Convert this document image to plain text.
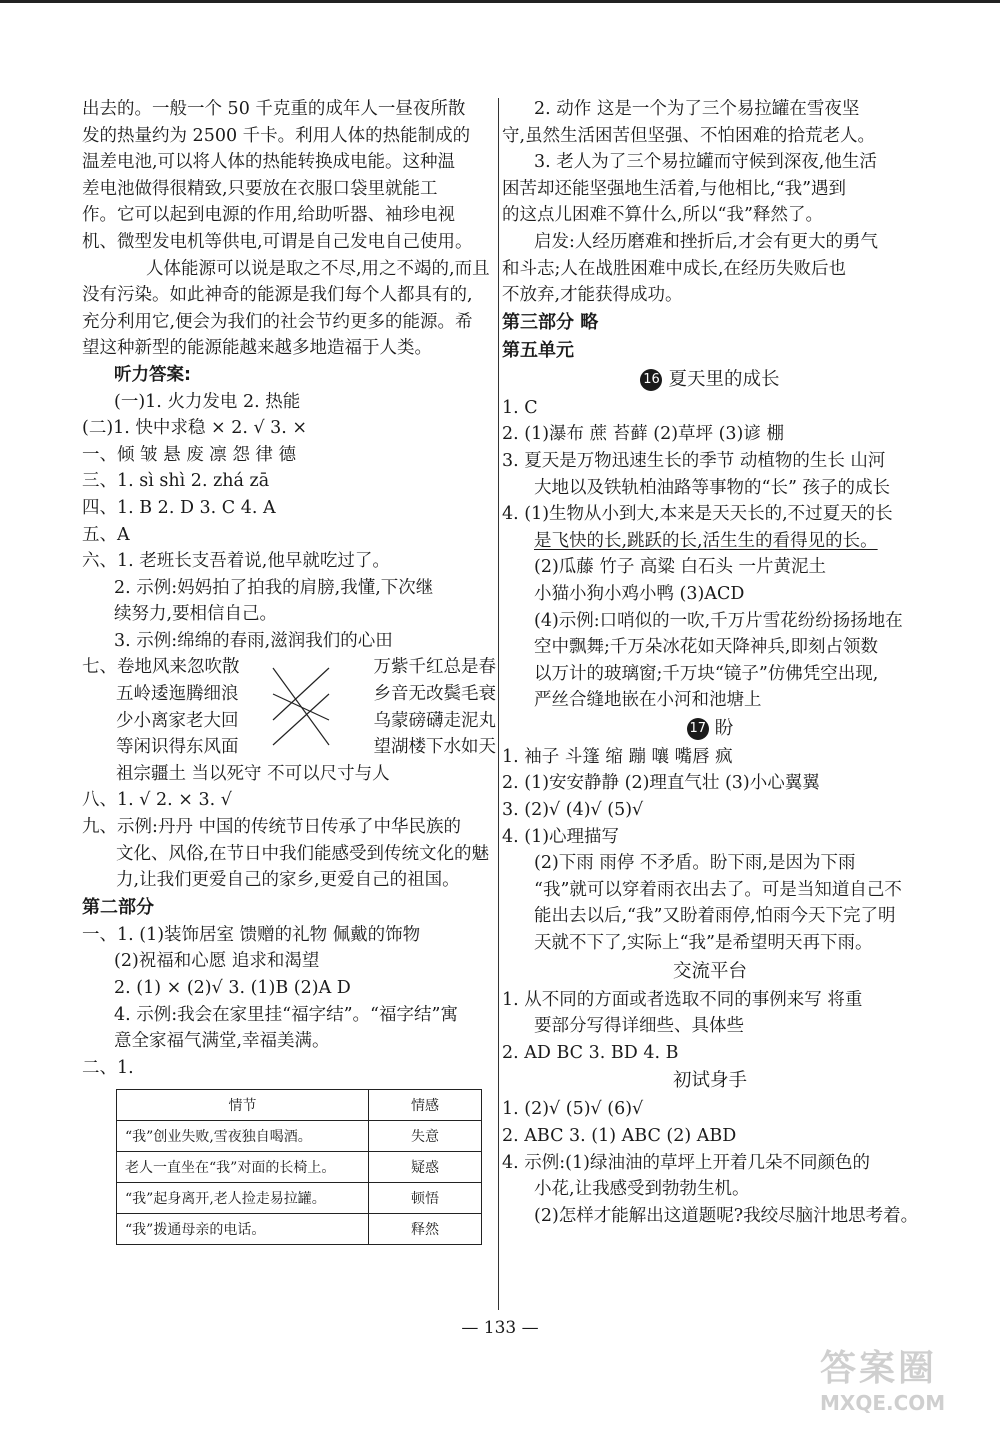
出去的。一般一个 50 千克重的成年人一昼夜所散
发的热量约为 2500 千卡。利用人体的热能制成的
温差电池,可以将人体的热能转换成电能。这种温
差电池做得很精致,只要放在衣服口袋里就能工
作。它可以起到电源的作用,给助听器、袖珍电视
机、微型发电机等供电,可谓是自己发电自己使用。
人体能源可以说是取之不尽,用之不竭的,而且
没有污染。如此神奇的能源是我们每个人都具有的,
充分利用它,便会为我们的社会节约更多的能源。希
望这种新型的能源能越来越多地造福于人类。
听力答案:
(一)1. 火力发电 2. 热能
(二)1. 快中求稳 × 2. √ 3. ×
一、倾 皱 悬 废 凛 怨 律 德
三、1. sì shì 2. zhá zā
四、1. B 2. D 3. C 4. A
五、A
六、1. 老班长支吾着说,他早就吃过了。
2. 示例:妈妈拍了拍我的肩膀,我懂,下次继
续努力,要相信自己。
3. 示例:绵绵的春雨,滋润我们的心田
七、卷地风来忽吹散
五岭逶迤腾细浪
少小离家老大回
等闲识得东风面
万紫千红总是春
乡音无改鬓毛衰
乌蒙磅礴走泥丸
望湖楼下水如天
祖宗疆土 当以死守 不可以尺寸与人
八、1. √ 2. × 3. √
九、示例:丹丹 中国的传统节日传承了中华民族的
文化、风俗,在节日中我们能感受到传统文化的魅
力,让我们更爱自己的家乡,更爱自己的祖国。
第二部分
一、1. (1)装饰居室 馈赠的礼物 佩戴的饰物
(2)祝福和心愿 追求和渴望
2. (1) × (2)√ 3. (1)B (2)A D
4. 示例:我会在家里挂“福字结”。“福字结”寓
意全家福气满堂,幸福美满。
二、1.
情节	情感
“我”创业失败,雪夜独自喝酒。	失意
老人一直坐在“我”对面的长椅上。	疑惑
“我”起身离开,老人捡走易拉罐。	顿悟
“我”拨通母亲的电话。	释然
2. 动作 这是一个为了三个易拉罐在雪夜坚
守,虽然生活困苦但坚强、不怕困难的拾荒老人。
3. 老人为了三个易拉罐而守候到深夜,他生活
困苦却还能坚强地生活着,与他相比,“我”遇到
的这点儿困难不算什么,所以“我”释然了。
启发:人经历磨难和挫折后,才会有更大的勇气
和斗志;人在战胜困难中成长,在经历失败后也
不放弃,才能获得成功。
第三部分 略
第五单元
16 夏天里的成长
1. C
2. (1)瀑布 蔗 苔藓 (2)草坪 (3)谚 棚
3. 夏天是万物迅速生长的季节 动植物的生长 山河
大地以及铁轨柏油路等事物的“长” 孩子的成长
4. (1)生物从小到大,本来是天天长的,不过夏天的长
是飞快的长,跳跃的长,活生生的看得见的长。
(2)瓜藤 竹子 高粱 白石头 一片黄泥土
小猫小狗小鸡小鸭 (3)ACD
(4)示例:口哨似的一吹,千万片雪花纷纷扬扬地在
空中飘舞;千万朵冰花如天降神兵,即刻占领数
以万计的玻璃窗;千万块“镜子”仿佛凭空出现,
严丝合缝地嵌在小河和池塘上
17 盼
1. 袖子 斗篷 缩 蹦 嚷 嘴唇 疯
2. (1)安安静静 (2)理直气壮 (3)小心翼翼
3. (2)√ (4)√ (5)√
4. (1)心理描写
(2)下雨 雨停 不矛盾。盼下雨,是因为下雨
“我”就可以穿着雨衣出去了。可是当知道自己不
能出去以后,“我”又盼着雨停,怕雨今天下完了明
天就不下了,实际上“我”是希望明天再下雨。
交流平台
1. 从不同的方面或者选取不同的事例来写 将重
要部分写得详细些、具体些
2. AD BC 3. BD 4. B
初试身手
1. (2)√ (5)√ (6)√
2. ABC 3. (1) ABC (2) ABD
4. 示例:(1)绿油油的草坪上开着几朵不同颜色的
小花,让我感受到勃勃生机。
(2)怎样才能解出这道题呢?我绞尽脑汁地思考着。
— 133 —
答案圈
MXQE.COM
